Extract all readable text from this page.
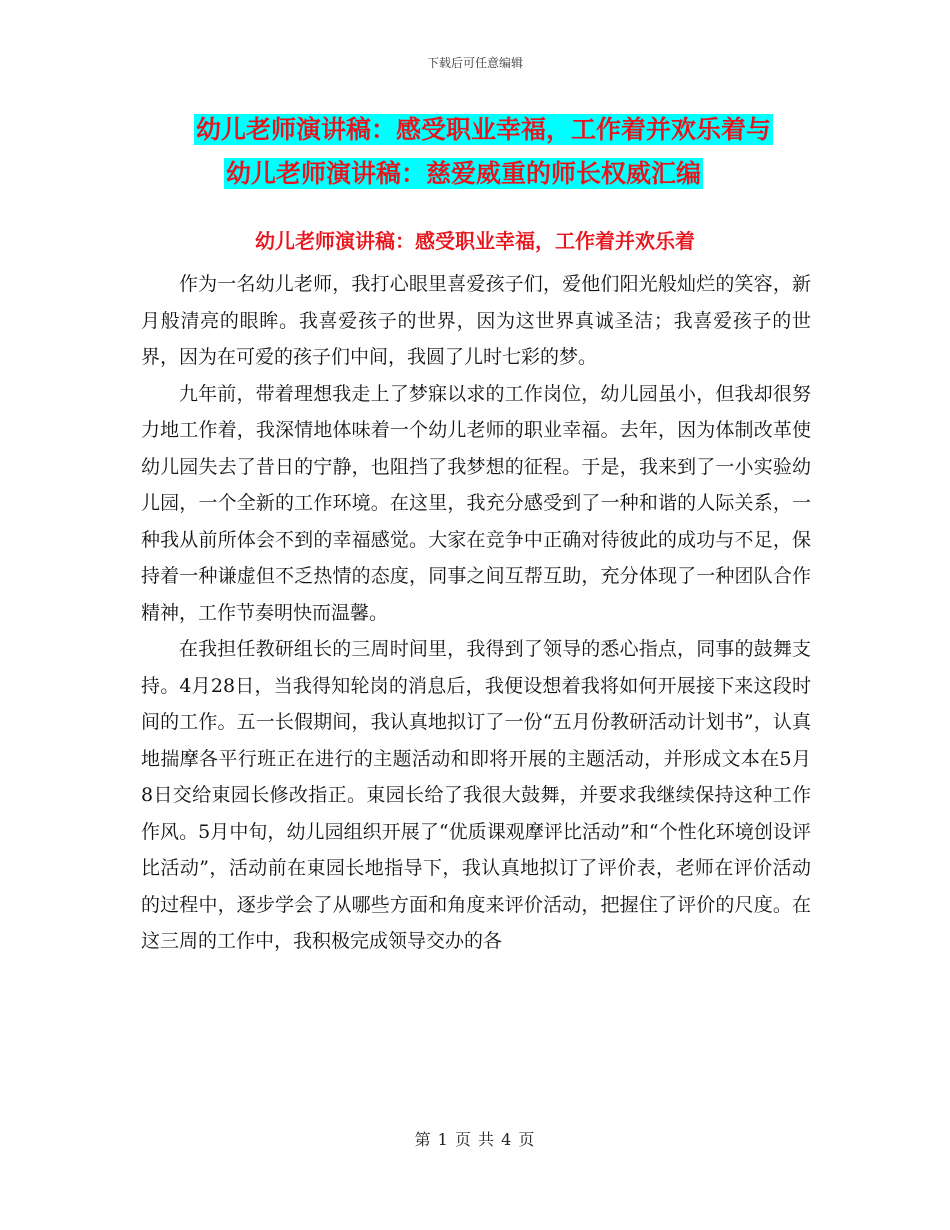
下载后可任意编辑
幼儿老师演讲稿：感受职业幸福，工作着并欢乐着与
幼儿老师演讲稿：慈爱威重的师长权威汇编
幼儿老师演讲稿：感受职业幸福，工作着并欢乐着

作为一名幼儿老师，我打心眼里喜爱孩子们，爱他们阳光般灿烂的笑容，新月般清亮的眼眸。我喜爱孩子的世界，因为这世界真诚圣洁；我喜爱孩子的世界，因为在可爱的孩子们中间，我圆了儿时七彩的梦。

九年前，带着理想我走上了梦寐以求的工作岗位，幼儿园虽小，但我却很努力地工作着，我深情地体味着一个幼儿老师的职业幸福。去年，因为体制改革使幼儿园失去了昔日的宁静，也阻挡了我梦想的征程。于是，我来到了一小实验幼儿园，一个全新的工作环境。在这里，我充分感受到了一种和谐的人际关系，一种我从前所体会不到的幸福感觉。大家在竞争中正确对待彼此的成功与不足，保持着一种谦虚但不乏热情的态度，同事之间互帮互助，充分体现了一种团队合作精神，工作节奏明快而温馨。

在我担任教研组长的三周时间里，我得到了领导的悉心指点，同事的鼓舞支持。4月28日，当我得知轮岗的消息后，我便设想着我将如何开展接下来这段时间的工作。五一长假期间，我认真地拟订了一份“五月份教研活动计划书”，认真地揣摩各平行班正在进行的主题活动和即将开展的主题活动，并形成文本在5月8日交给東园长修改指正。東园长给了我很大鼓舞，并要求我继续保持这种工作作风。5月中旬，幼儿园组织开展了“优质课观摩评比活动”和“个性化环境创设评比活动”，活动前在東园长地指导下，我认真地拟订了评价表，老师在评价活动的过程中，逐步学会了从哪些方面和角度来评价活动，把握住了评价的尺度。在这三周的工作中，我积极完成领导交办的各

第 1 页 共 4 页
